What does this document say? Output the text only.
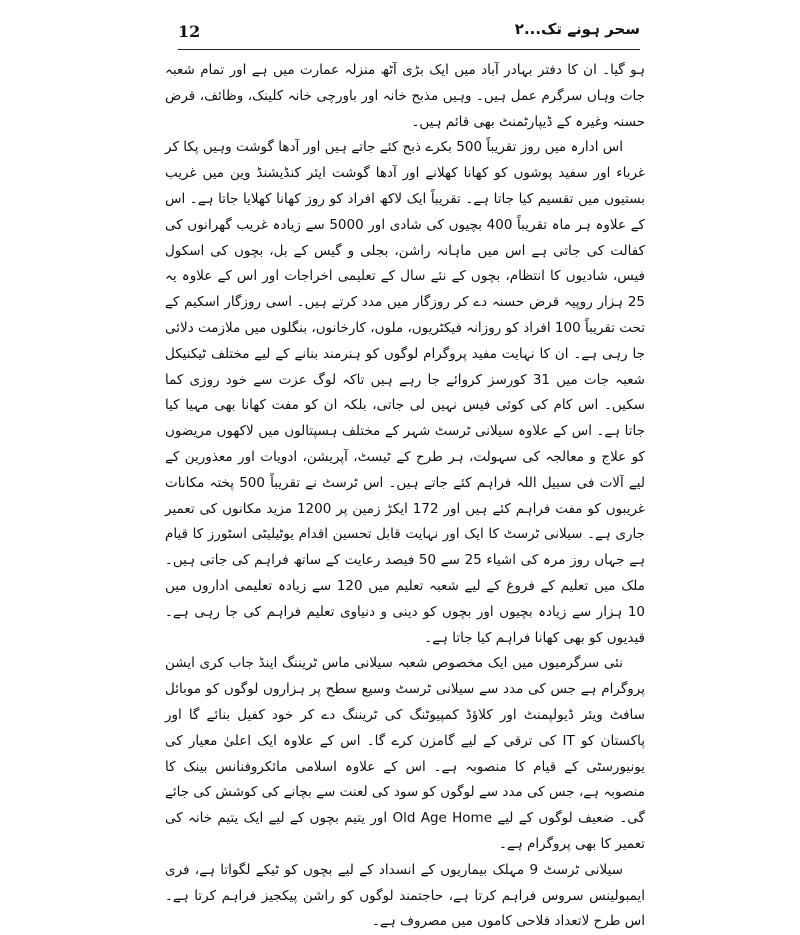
12	سحر ہونے تک...۲

ہو گیا۔ ان کا دفتر بہادر آباد میں ایک بڑی آٹھ منزلہ عمارت میں ہے اور تمام شعبہ جات وہاں سرگرم عمل ہیں۔ وہیں مذبح خانہ اور باورچی خانہ کلینک، وظائف، قرض حسنہ وغیرہ کے ڈیپارٹمنٹ بھی قائم ہیں۔

اس ادارہ میں روز تقریباً 500 بکرے ذبح کئے جاتے ہیں اور آدھا گوشت وہیں پکا کر غرباء اور سفید پوشوں کو کھانا کھلانے اور آدھا گوشت ایئر کنڈیشنڈ وین میں غریب بستیوں میں تقسیم کیا جاتا ہے۔ تقریباً ایک لاکھ افراد کو روز کھانا کھلایا جاتا ہے۔ اس کے علاوہ ہر ماہ تقریباً 400 بچیوں کی شادی اور 5000 سے زیادہ غریب گھرانوں کی کفالت کی جاتی ہے اس میں ماہانہ راشن، بجلی و گیس کے بل، بچوں کی اسکول فیس، شادیوں کا انتظام، بچوں کے نئے سال کے تعلیمی اخراجات اور اس کے علاوہ یہ 25 ہزار روپیہ قرض حسنہ دے کر روزگار میں مدد کرتے ہیں۔ اسی روزگار اسکیم کے تحت تقریباً 100 افراد کو روزانہ فیکٹریوں، ملوں، کارخانوں، بنگلوں میں ملازمت دلائی جا رہی ہے۔ ان کا نہایت مفید پروگرام لوگوں کو ہنرمند بنانے کے لیے مختلف ٹیکنیکل شعبہ جات میں 31 کورسز کروائے جا رہے ہیں تاکہ لوگ عزت سے خود روزی کما سکیں۔ اس کام کی کوئی فیس نہیں لی جاتی، بلکہ ان کو مفت کھانا بھی مہیا کیا جاتا ہے۔ اس کے علاوہ سیلانی ٹرسٹ شہر کے مختلف ہسپتالوں میں لاکھوں مریضوں کو علاج و معالجہ کی سہولت، ہر طرح کے ٹیسٹ، آپریشن، ادویات اور معذورین کے لیے آلات فی سبیل اللہ فراہم کئے جاتے ہیں۔ اس ٹرسٹ نے تقریباً 500 پختہ مکانات غریبوں کو مفت فراہم کئے ہیں اور 172 ایکڑ زمین پر 1200 مزید مکانوں کی تعمیر جاری ہے۔ سیلانی ٹرسٹ کا ایک اور نہایت قابل تحسین اقدام یوٹیلیٹی اسٹورز کا قیام ہے جہاں روز مرہ کی اشیاء 25 سے 50 فیصد رعایت کے ساتھ فراہم کی جاتی ہیں۔ ملک میں تعلیم کے فروغ کے لیے شعبہ تعلیم میں 120 سے زیادہ تعلیمی اداروں میں 10 ہزار سے زیادہ بچیوں اور بچوں کو دینی و دنیاوی تعلیم فراہم کی جا رہی ہے۔ قیدیوں کو بھی کھانا فراہم کیا جاتا ہے۔

نئی سرگرمیوں میں ایک مخصوص شعبہ سیلانی ماس ٹریننگ اینڈ جاب کری ایشن پروگرام ہے جس کی مدد سے سیلانی ٹرسٹ وسیع سطح پر ہزاروں لوگوں کو موبائل سافٹ ویئر ڈیولپمنٹ اور کلاؤڈ کمپیوٹنگ کی ٹریننگ دے کر خود کفیل بنائے گا اور پاکستان کو IT کی ترقی کے لیے گامزن کرے گا۔ اس کے علاوہ ایک اعلیٰ معیار کی یونیورسٹی کے قیام کا منصوبہ ہے۔ اس کے علاوہ اسلامی مائکروفنانس بینک کا منصوبہ ہے، جس کی مدد سے لوگوں کو سود کی لعنت سے بچانے کی کوشش کی جائے گی۔ ضعیف لوگوں کے لیے Old Age Home اور یتیم بچوں کے لیے ایک یتیم خانہ کی تعمیر کا بھی پروگرام ہے۔

سیلانی ٹرسٹ 9 مہلک بیماریوں کے انسداد کے لیے بچوں کو ٹیکے لگواتا ہے، فری ایمبولینس سروس فراہم کرتا ہے، حاجتمند لوگوں کو راشن پیکجیز فراہم کرتا ہے۔ اس طرح لاتعداد فلاحی کاموں میں مصروف ہے۔
